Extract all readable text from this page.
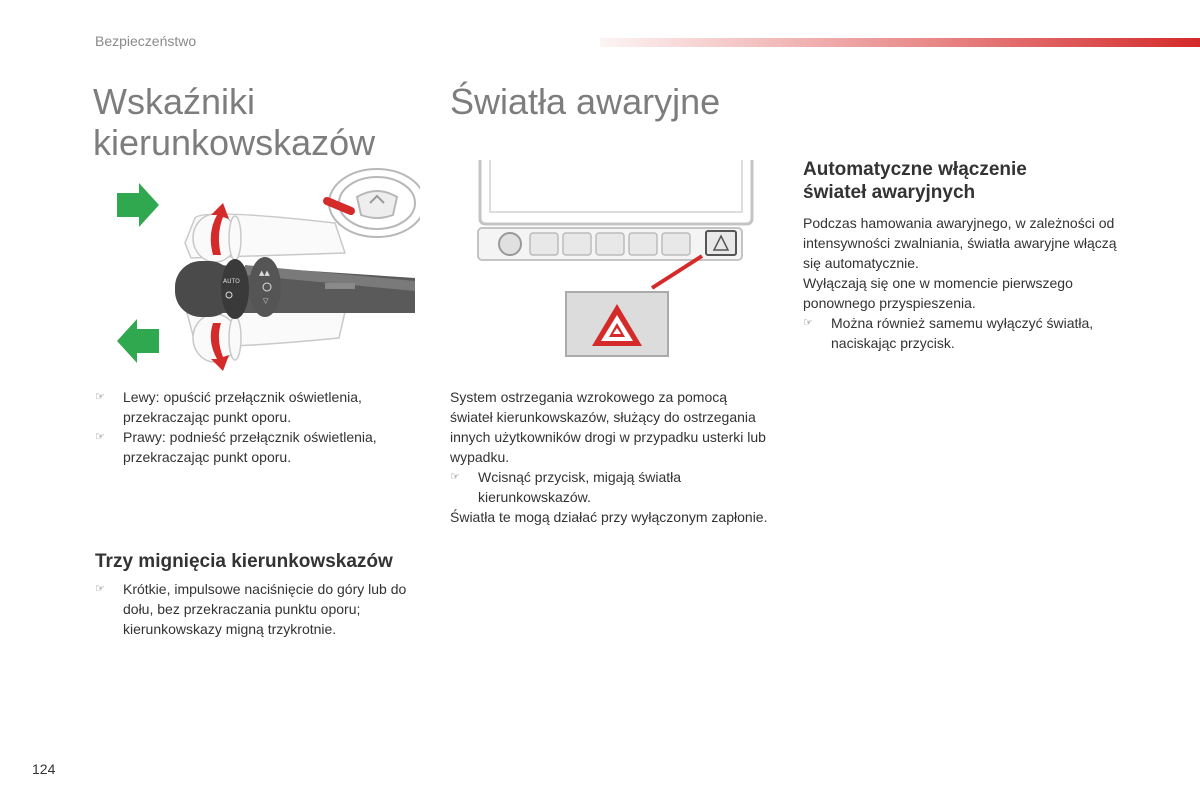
Bezpieczeństwo
Wskaźniki
kierunkowskazów
AUTO
▲▲
▽
☞	Lewy: opuścić przełącznik oświetlenia, przekraczając punkt oporu.
☞	Prawy: podnieść przełącznik oświetlenia, przekraczając punkt oporu.
Trzy mignięcia kierunkowskazów
☞	Krótkie, impulsowe naciśnięcie do góry lub do dołu, bez przekraczania punktu oporu; kierunkowskazy migną trzykrotnie.
Światła awaryjne

System ostrzegania wzrokowego za pomocą świateł kierunkowskazów, służący do ostrzegania innych użytkowników drogi w przypadku usterki lub wypadku.

☞	Wcisnąć przycisk, migają światła kierunkowskazów.

Światła te mogą działać przy wyłączonym zapłonie.

Automatyczne włączenie
świateł awaryjnych

Podczas hamowania awaryjnego, w zależności od intensywności zwalniania, światła awaryjne włączą się automatycznie.

Wyłączają się one w momencie pierwszego ponownego przyspieszenia.

☞	Można również samemu wyłączyć światła, naciskając przycisk.
124
